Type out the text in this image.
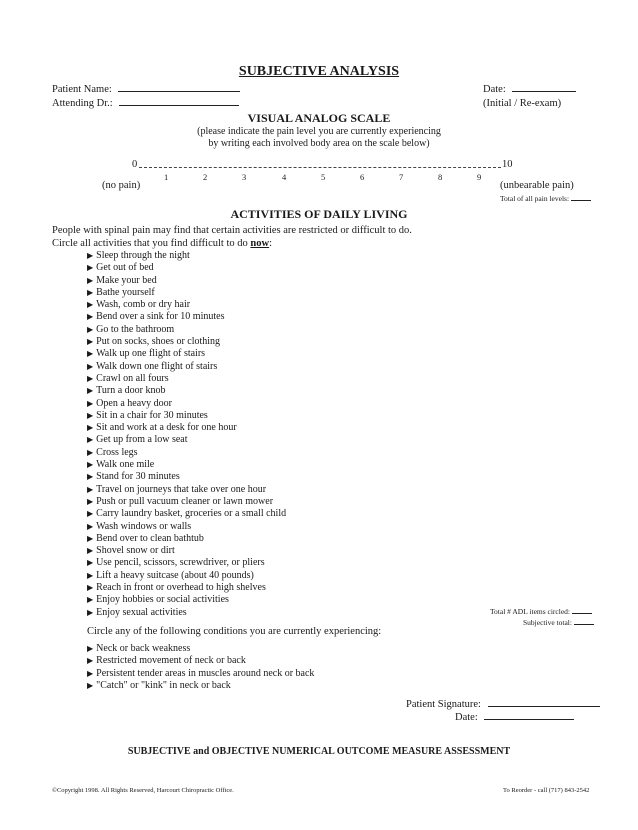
SUBJECTIVE ANALYSIS
Patient Name:
Attending Dr.:
Date:
(Initial / Re-exam)
VISUAL ANALOG SCALE
(please indicate the pain level you are currently experiencing
by writing each involved body area on the scale below)
0	10
1	2	3	4	5	6	7	8	9
(no pain)	(unbearable pain)
Total of all pain levels:
ACTIVITIES OF DAILY LIVING
People with spinal pain may find that certain activities are restricted or difficult to do.
Circle all activities that you find difficult to do now:
▶ Sleep through the night
▶ Get out of bed
▶ Make your bed
▶ Bathe yourself
▶ Wash, comb or dry hair
▶ Bend over a sink for 10 minutes
▶ Go to the bathroom
▶ Put on socks, shoes or clothing
▶ Walk up one flight of stairs
▶ Walk down one flight of stairs
▶ Crawl on all fours
▶ Turn a door knob
▶ Open a heavy door
▶ Sit in a chair for 30 minutes
▶ Sit and work at a desk for one hour
▶ Get up from a low seat
▶ Cross legs
▶ Walk one mile
▶ Stand for 30 minutes
▶ Travel on journeys that take over one hour
▶ Push or pull vacuum cleaner or lawn mower
▶ Carry laundry basket, groceries or a small child
▶ Wash windows or walls
▶ Bend over to clean bathtub
▶ Shovel snow or dirt
▶ Use pencil, scissors, screwdriver, or pliers
▶ Lift a heavy suitcase (about 40 pounds)
▶ Reach in front or overhead to high shelves
▶ Enjoy hobbies or social activities
▶ Enjoy sexual activities	Total # ADL items circled:
Subjective total:
Circle any of the following conditions you are currently experiencing:
▶ Neck or back weakness
▶ Restricted movement of neck or back
▶ Persistent tender areas in muscles around neck or back
▶ "Catch" or "kink" in neck or back
Patient Signature:
Date:
SUBJECTIVE and OBJECTIVE NUMERICAL OUTCOME MEASURE ASSESSMENT
©Copyright 1998. All Rights Reserved, Harcourt Chiropractic Office.	To Reorder - call (717) 843-2542
